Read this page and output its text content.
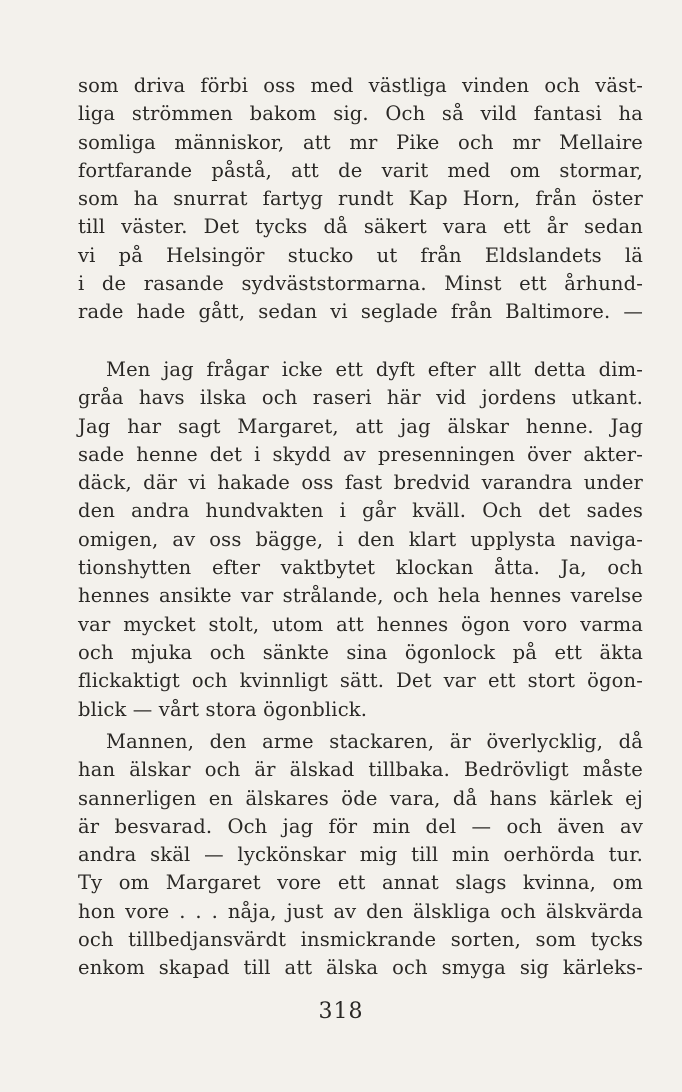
som driva förbi oss med västliga vinden och väst-
liga strömmen bakom sig. Och så vild fantasi ha
somliga människor, att mr Pike och mr Mellaire
fortfarande påstå, att de varit med om stormar,
som ha snurrat fartyg rundt Kap Horn, från öster
till väster. Det tycks då säkert vara ett år sedan
vi på Helsingör stucko ut från Eldslandets lä
i de rasande sydväststormarna. Minst ett århund-
rade hade gått, sedan vi seglade från Baltimore. —
Men jag frågar icke ett dyft efter allt detta dim-
gråa havs ilska och raseri här vid jordens utkant.
Jag har sagt Margaret, att jag älskar henne. Jag
sade henne det i skydd av presenningen över akter-
däck, där vi hakade oss fast bredvid varandra under
den andra hundvakten i går kväll. Och det sades
omigen, av oss bägge, i den klart upplysta naviga-
tionshytten efter vaktbytet klockan åtta. Ja, och
hennes ansikte var strålande, och hela hennes varelse
var mycket stolt, utom att hennes ögon voro varma
och mjuka och sänkte sina ögonlock på ett äkta
flickaktigt och kvinnligt sätt. Det var ett stort ögon-
blick — vårt stora ögonblick.
Mannen, den arme stackaren, är överlycklig, då
han älskar och är älskad tillbaka. Bedrövligt måste
sannerligen en älskares öde vara, då hans kärlek ej
är besvarad. Och jag för min del — och även av
andra skäl — lyckönskar mig till min oerhörda tur.
Ty om Margaret vore ett annat slags kvinna, om
hon vore . . . nåja, just av den älskliga och älskvärda
och tillbedjansvärdt insmickrande sorten, som tycks
enkom skapad till att älska och smyga sig kärleks-
318
